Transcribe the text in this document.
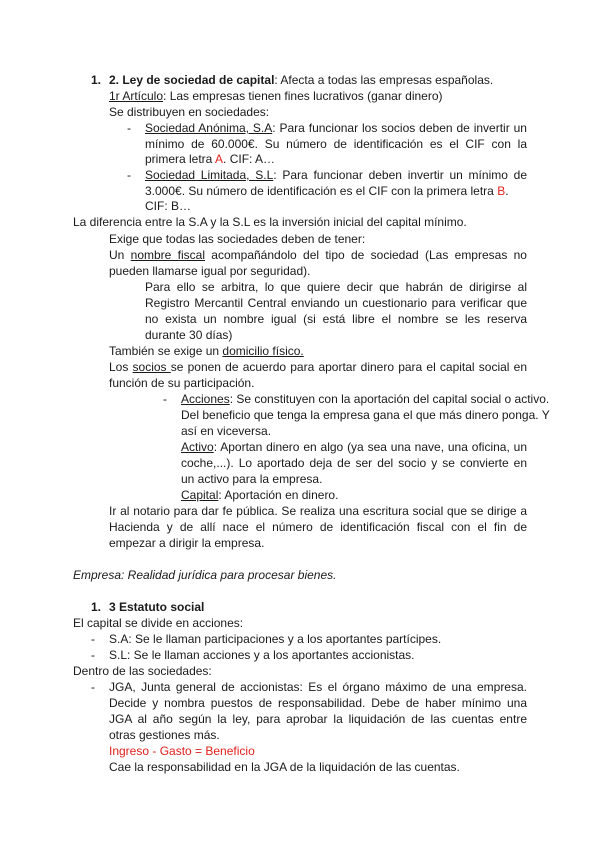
1. 2. Ley de sociedad de capital: Afecta a todas las empresas españolas.
1r Artículo: Las empresas tienen fines lucrativos (ganar dinero)
Se distribuyen en sociedades:
- Sociedad Anónima, S.A: Para funcionar los socios deben de invertir un
mínimo de 60.000€. Su número de identificación es el CIF con la
primera letra A. CIF: A…
- Sociedad Limitada, S.L: Para funcionar deben invertir un mínimo de
3.000€. Su número de identificación es el CIF con la primera letra B.
CIF: B…
La diferencia entre la S.A y la S.L es la inversión inicial del capital mínimo.
Exige que todas las sociedades deben de tener:
Un nombre fiscal acompañándolo del tipo de sociedad (Las empresas no
pueden llamarse igual por seguridad).
Para ello se arbitra, lo que quiere decir que habrán de dirigirse al
Registro Mercantil Central enviando un cuestionario para verificar que
no exista un nombre igual (si está libre el nombre se les reserva
durante 30 días)
También se exige un domicilio físico.
Los socios se ponen de acuerdo para aportar dinero para el capital social en
función de su participación.
- Acciones: Se constituyen con la aportación del capital social o activo.
Del beneficio que tenga la empresa gana el que más dinero ponga. Y
así en viceversa.
Activo: Aportan dinero en algo (ya sea una nave, una oficina, un
coche,...). Lo aportado deja de ser del socio y se convierte en
un activo para la empresa.
Capital: Aportación en dinero.
Ir al notario para dar fe pública. Se realiza una escritura social que se dirige a
Hacienda y de allí nace el número de identificación fiscal con el fin de
empezar a dirigir la empresa.
Empresa: Realidad jurídica para procesar bienes.
1. 3 Estatuto social
El capital se divide en acciones:
- S.A: Se le llaman participaciones y a los aportantes partícipes.
- S.L: Se le llaman acciones y a los aportantes accionistas.
Dentro de las sociedades:
- JGA, Junta general de accionistas: Es el órgano máximo de una empresa.
Decide y nombra puestos de responsabilidad. Debe de haber mínimo una
JGA al año según la ley, para aprobar la liquidación de las cuentas entre
otras gestiones más.
Ingreso - Gasto = Beneficio
Cae la responsabilidad en la JGA de la liquidación de las cuentas.
